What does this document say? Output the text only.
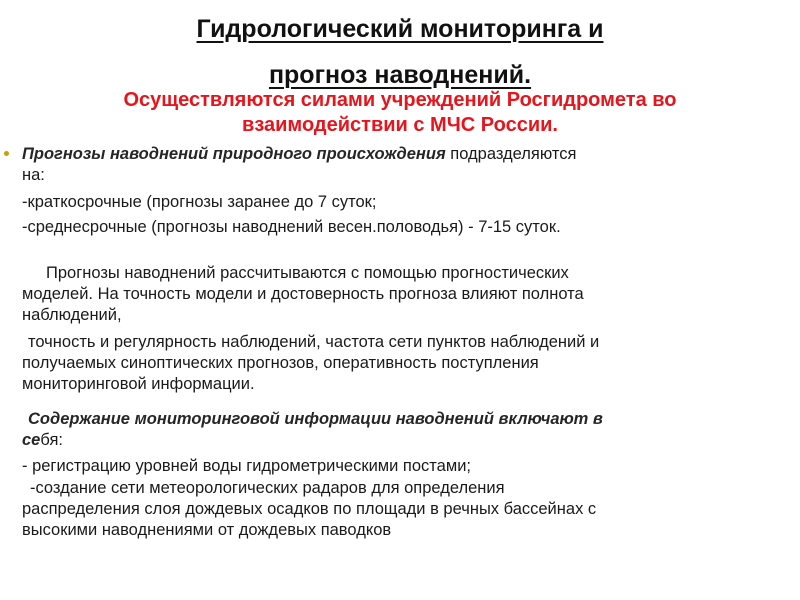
Гидрологический мониторинга и
прогноз наводнений.
Осуществляются силами учреждений Росгидромета во
взаимодействии с МЧС России.
Прогнозы наводнений природного происхождения подразделяются
на:
-краткосрочные (прогнозы заранее до 7 суток;
-среднесрочные (прогнозы наводнений весен.половодья) - 7-15 суток.
Прогнозы наводнений рассчитываются с помощью прогностических
моделей. На точность модели и достоверность прогноза влияют полнота
наблюдений,
точность и регулярность наблюдений, частота сети пунктов наблюдений и
получаемых синоптических прогнозов, оперативность поступления
мониторинговой информации.
Содержание мониторинговой информации наводнений включают в
себя:
- регистрацию уровней воды гидрометрическими постами;
-создание сети метеорологических радаров для определения
распределения слоя дождевых осадков по площади в речных бассейнах с
высокими наводнениями от дождевых паводков
